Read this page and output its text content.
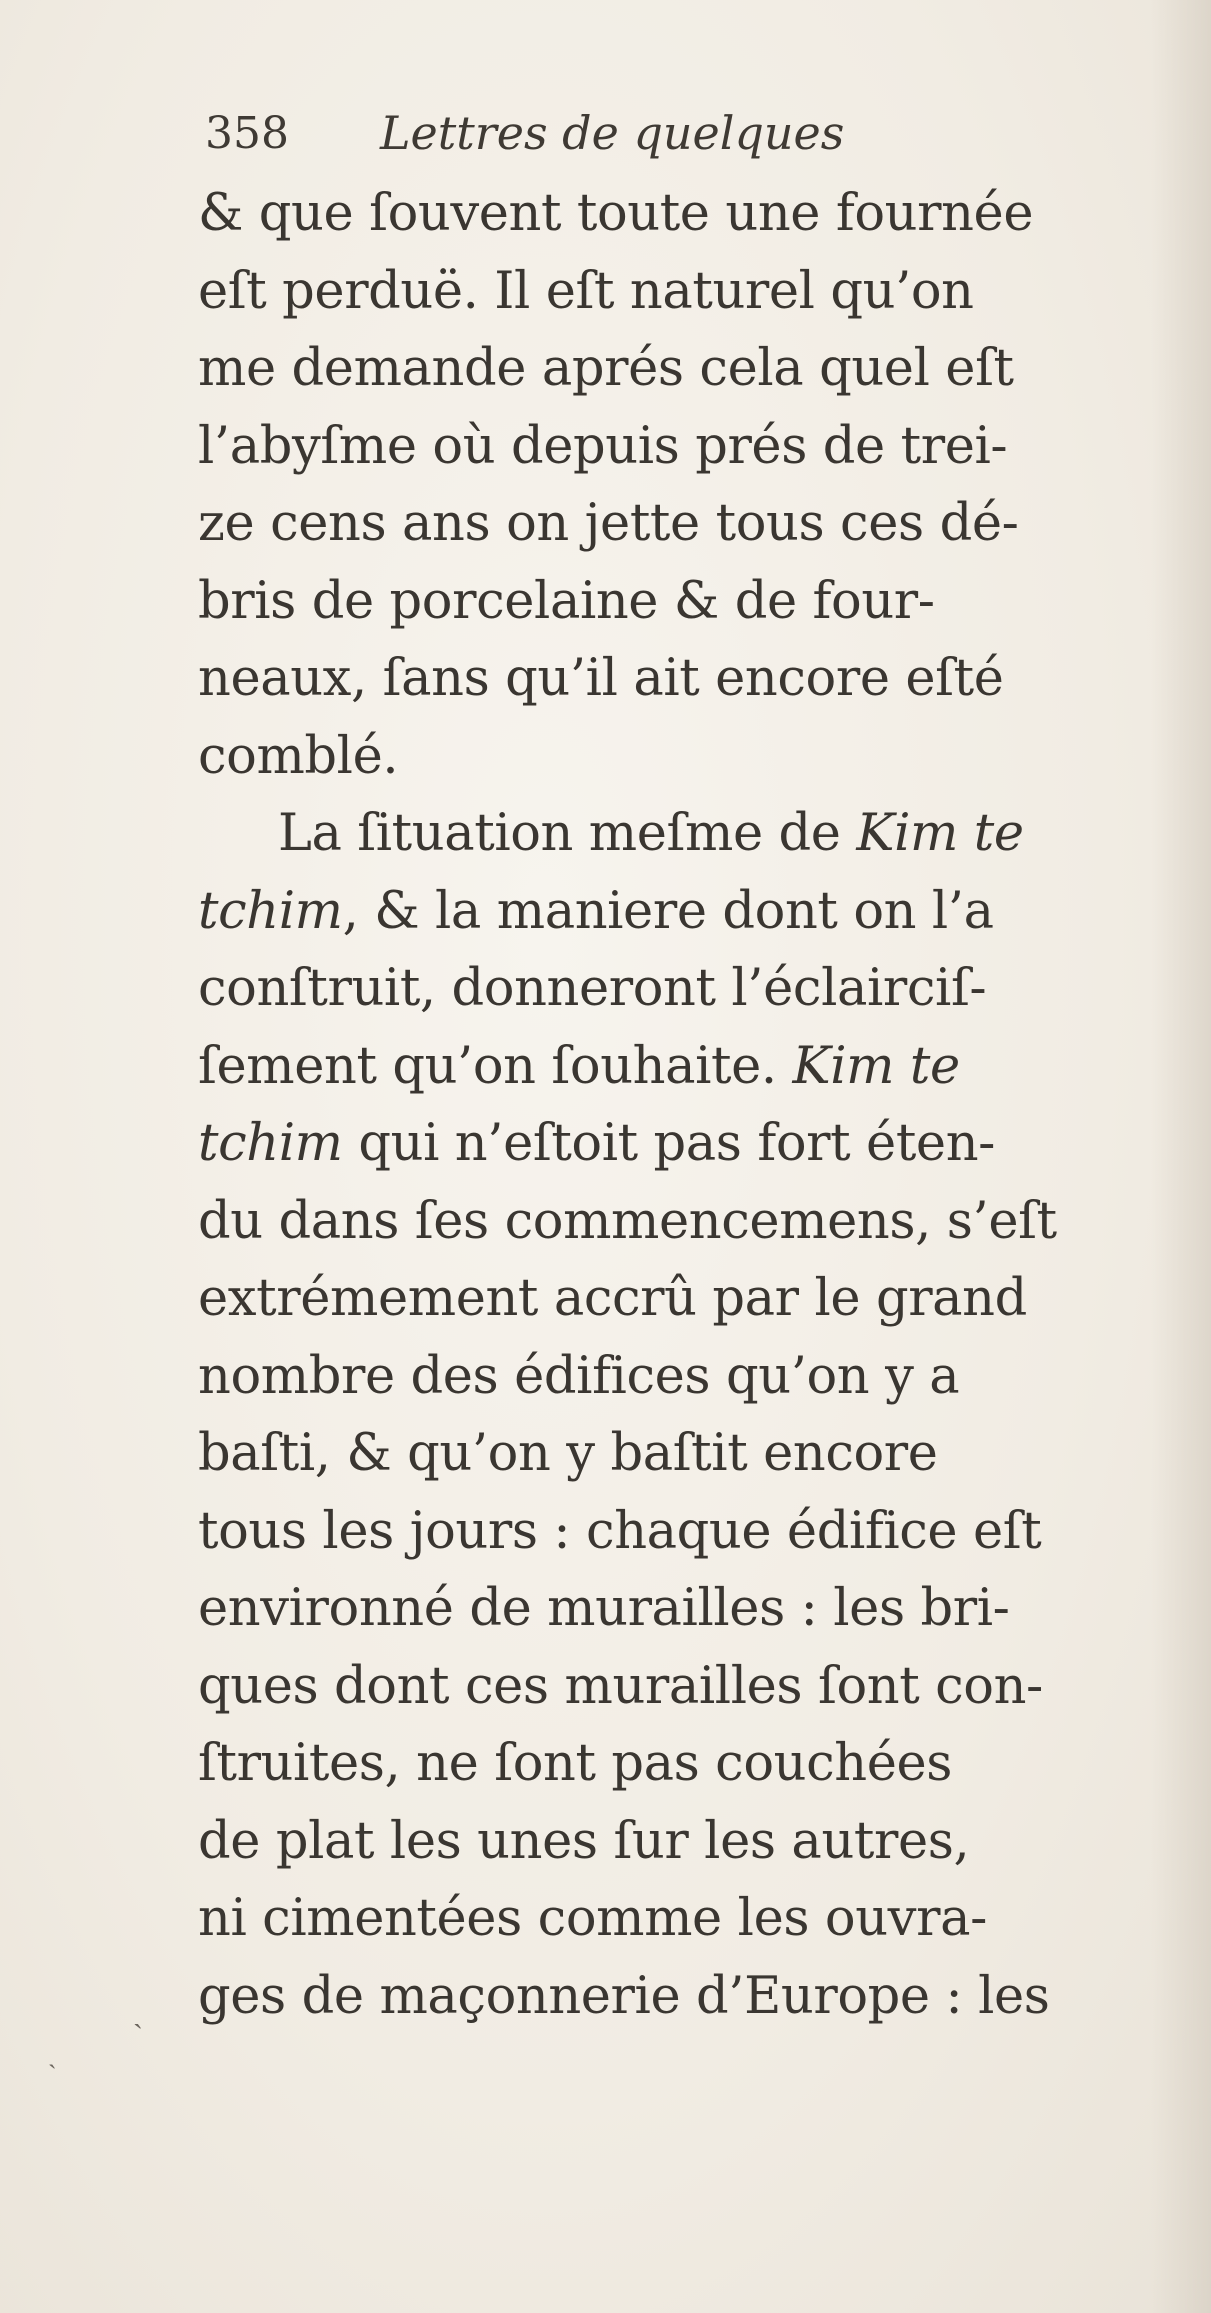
358 Lettres de quelques
& que ſouvent toute une fournée
eſt perduë. Il eſt naturel qu’on
me demande aprés cela quel eſt
l’abyſme où depuis prés de trei-
ze cens ans on jette tous ces dé-
bris de porcelaine & de four-
neaux, ſans qu’il ait encore eſté
comblé.
La ſituation meſme de Kim te
tchim, & la maniere dont on l’a
conſtruit, donneront l’éclairciſ-
ſement qu’on ſouhaite. Kim te
tchim qui n’eſtoit pas fort éten-
du dans ſes commencemens, s’eſt
extrémement accrû par le grand
nombre des édifices qu’on y a
baſti, & qu’on y baſtit encore
tous les jours : chaque édifice eſt
environné de murailles : les bri-
ques dont ces murailles ſont con-
ſtruites, ne ſont pas couchées
de plat les unes ſur les autres,
ni cimentées comme les ouvra-
ges de maçonnerie d’Europe : les
ˏ
ˎ
